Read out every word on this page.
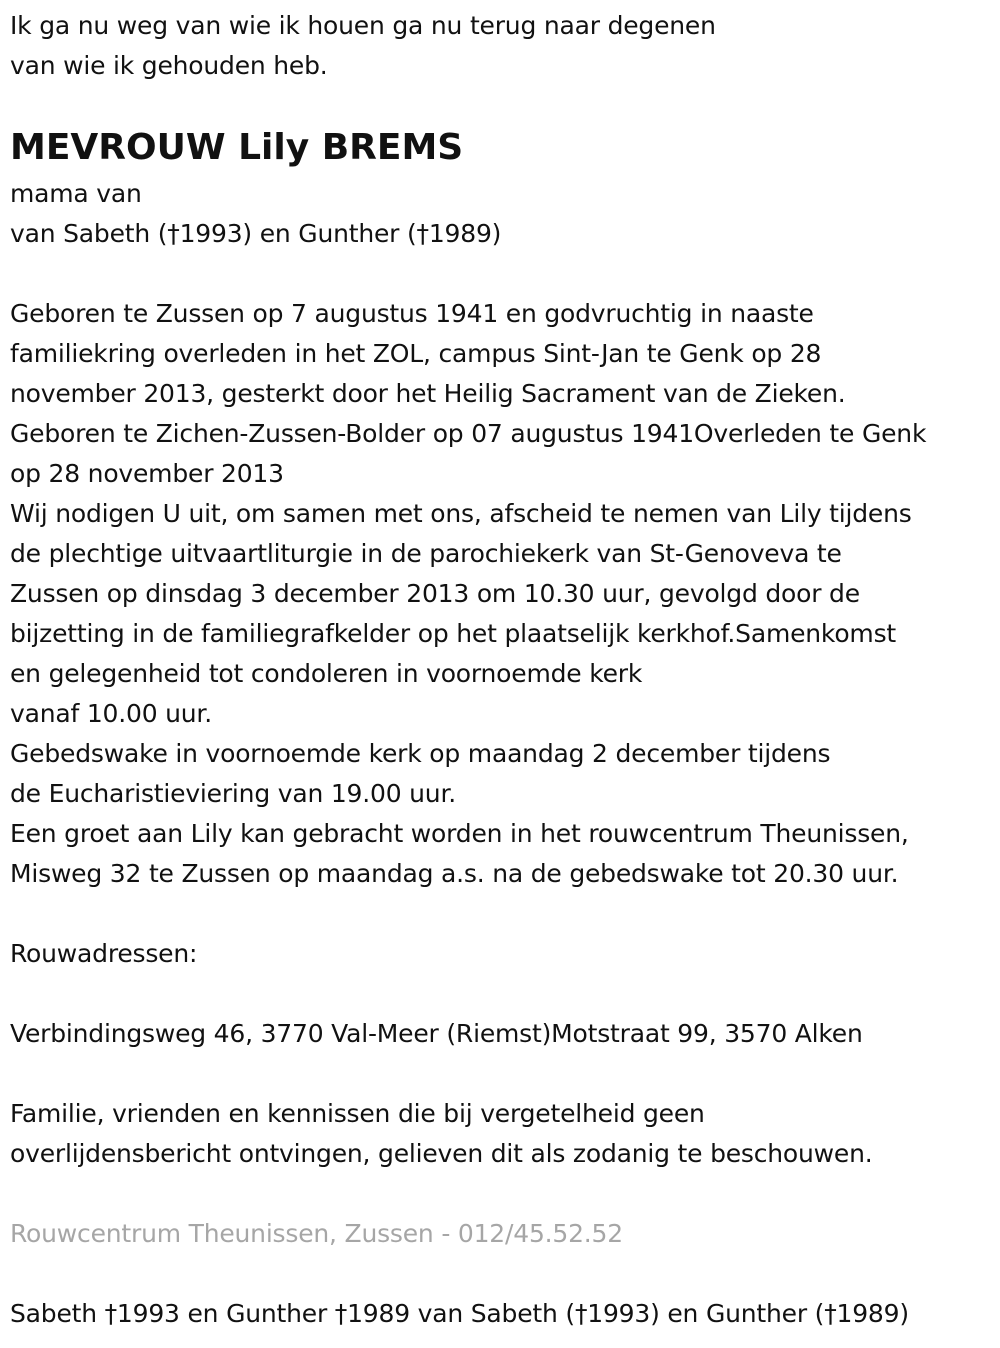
Ik ga nu weg van wie ik houen ga nu terug naar degenen
van wie ik gehouden heb.
MEVROUW Lily BREMS
mama van
van Sabeth (†1993) en Gunther (†1989)
Geboren te Zussen op 7 augustus 1941 en godvruchtig in naaste
familiekring overleden in het ZOL, campus Sint-Jan te Genk op 28
november 2013, gesterkt door het Heilig Sacrament van de Zieken.
Geboren te Zichen-Zussen-Bolder op 07 augustus 1941Overleden te Genk
op 28 november 2013
Wij nodigen U uit, om samen met ons, afscheid te nemen van Lily tijdens
de plechtige uitvaartliturgie in de parochiekerk van St-Genoveva te
Zussen op dinsdag 3 december 2013 om 10.30 uur, gevolgd door de
bijzetting in de familiegrafkelder op het plaatselijk kerkhof.Samenkomst
en gelegenheid tot condoleren in voornoemde kerk
vanaf 10.00 uur.
Gebedswake in voornoemde kerk op maandag 2 december tijdens
de Eucharistieviering van 19.00 uur.
Een groet aan Lily kan gebracht worden in het rouwcentrum Theunissen,
Misweg 32 te Zussen op maandag a.s. na de gebedswake tot 20.30 uur.
Rouwadressen:
Verbindingsweg 46, 3770 Val-Meer (Riemst)Motstraat 99, 3570 Alken
Familie, vrienden en kennissen die bij vergetelheid geen
overlijdensbericht ontvingen, gelieven dit als zodanig te beschouwen.
Rouwcentrum Theunissen, Zussen - 012/45.52.52
Sabeth †1993 en Gunther †1989 van Sabeth (†1993) en Gunther (†1989)
